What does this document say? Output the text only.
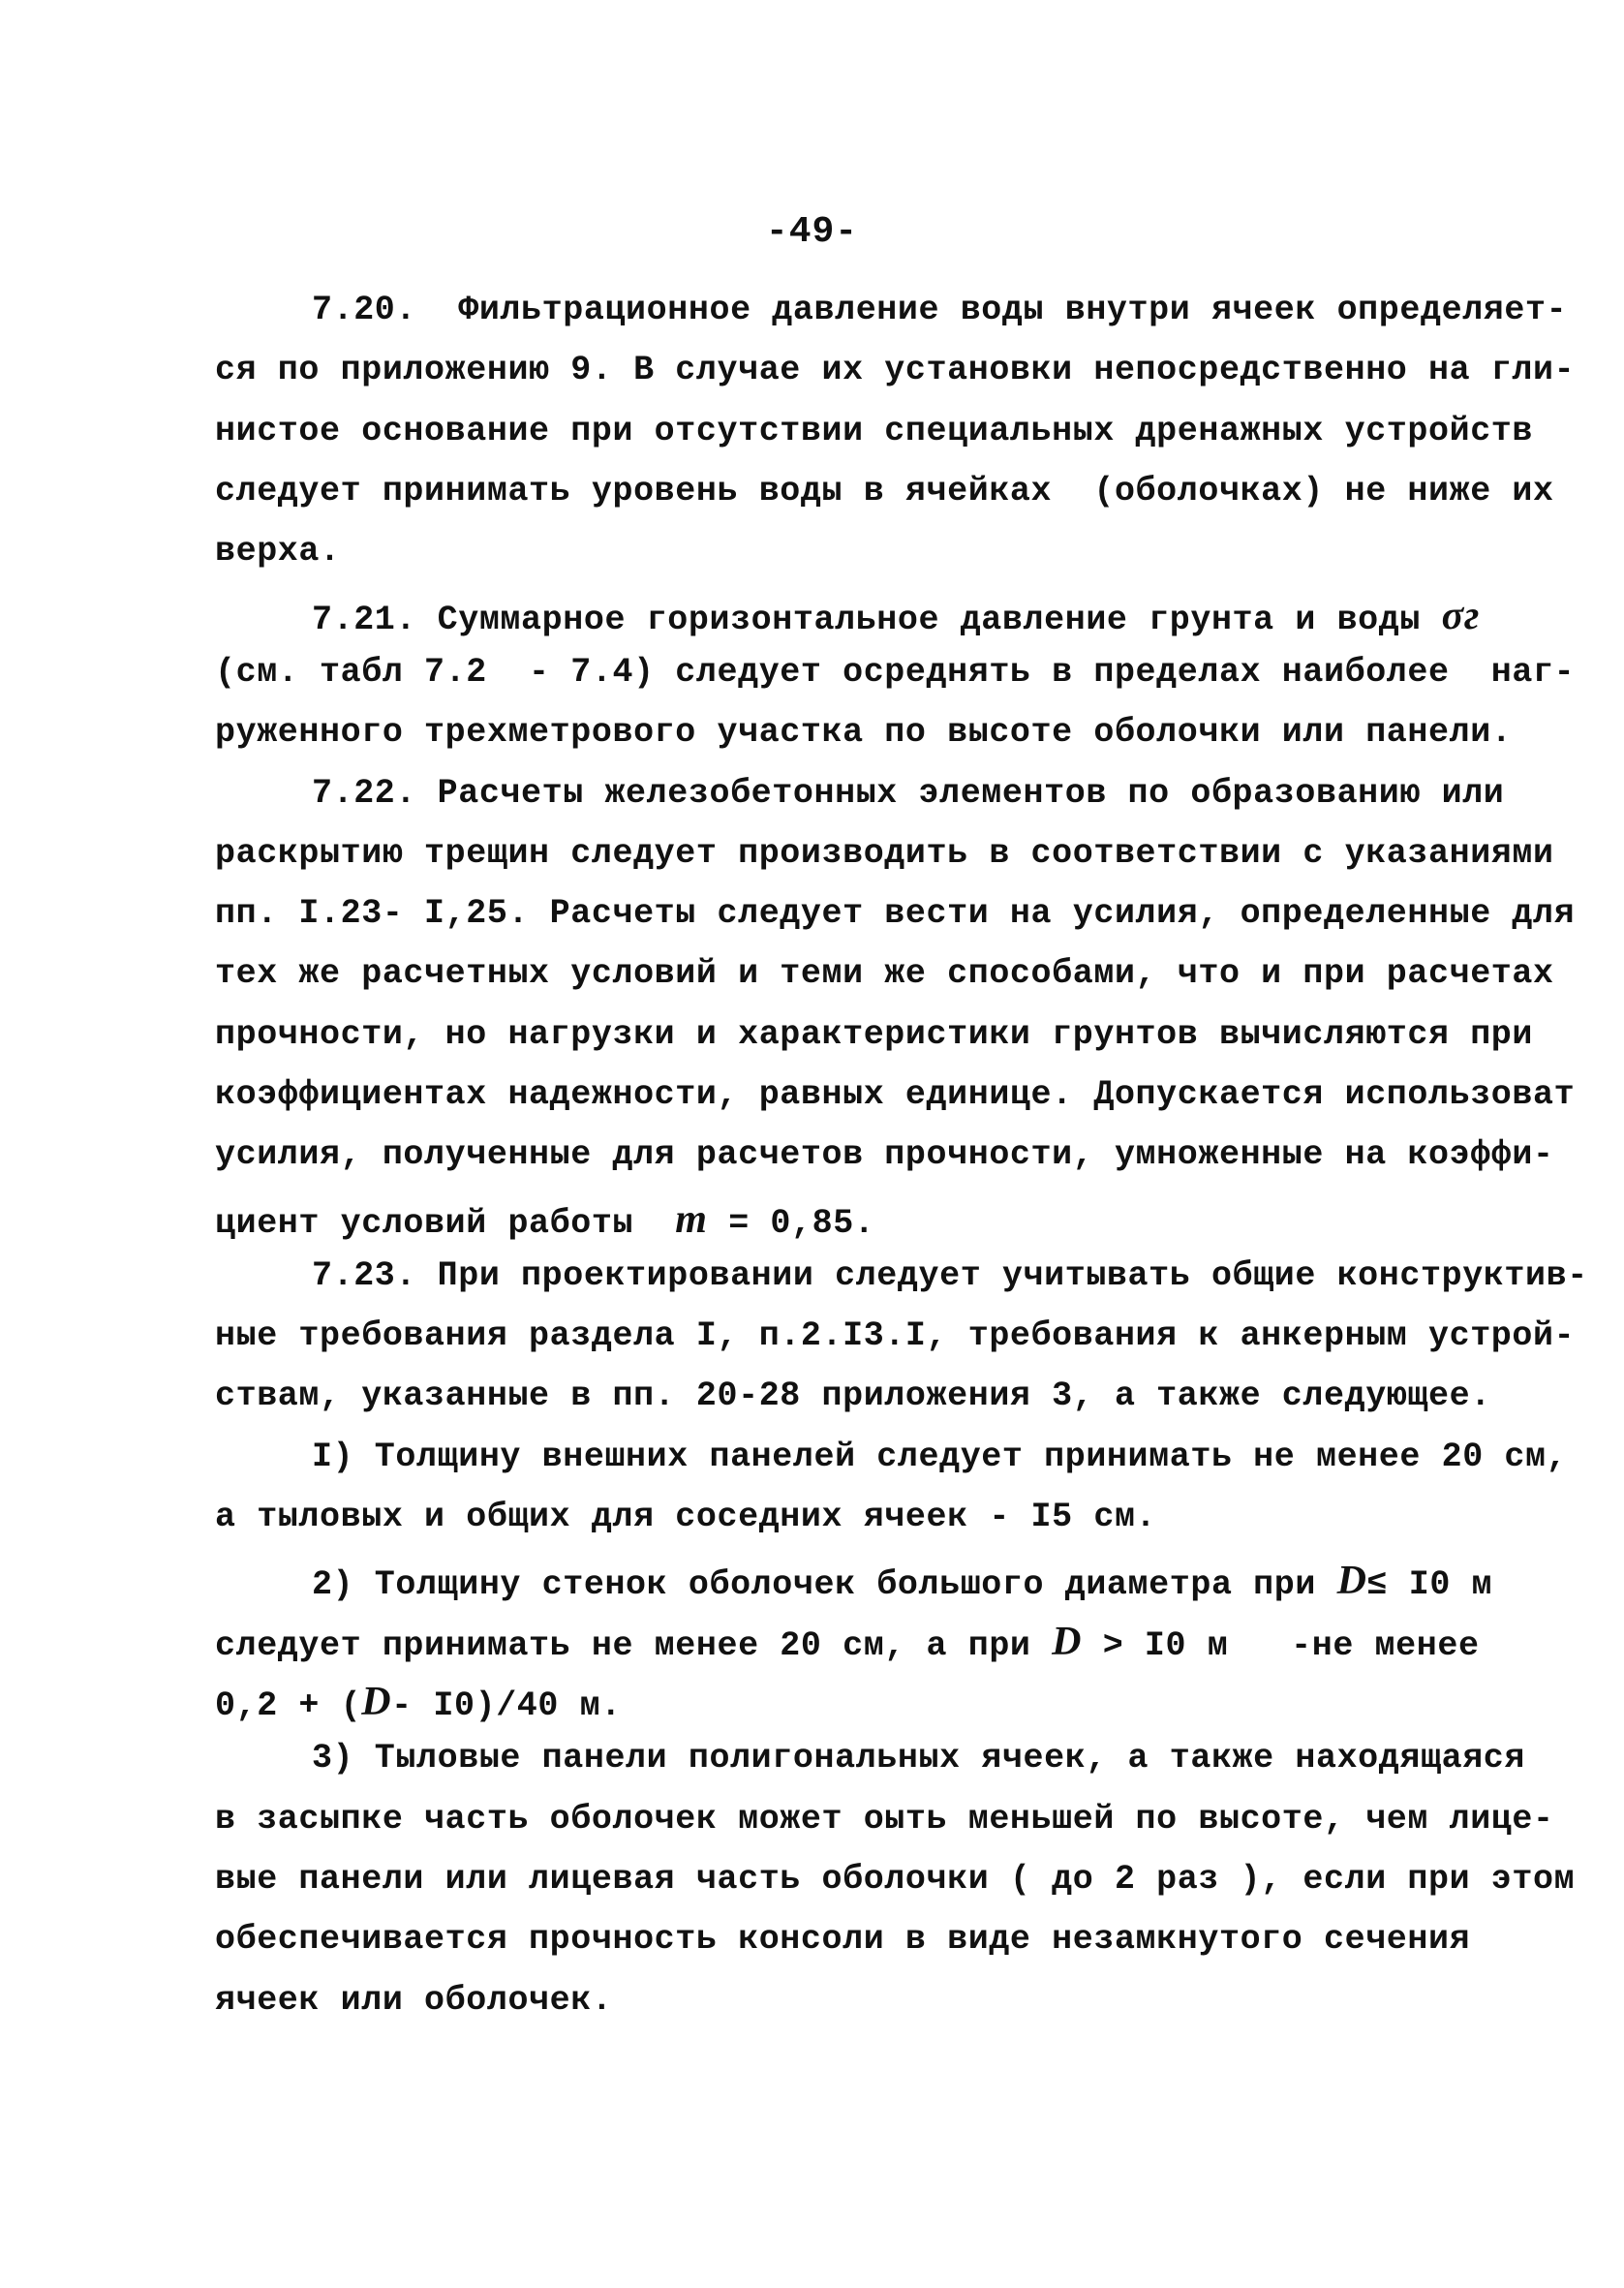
-49-
7.20.  Фильтрационное давление воды внутри ячеек определяет-
ся по приложению 9. В случае их установки непосредственно на гли-
нистое основание при отсутствии специальных дренажных устройств
следует принимать уровень воды в ячейках  (оболочках) не ниже их
верха.
7.21. Суммарное горизонтальное давление грунта и воды σг
(см. табл 7.2  - 7.4) следует осреднять в пределах наиболее  наг-
руженного трехметрового участка по высоте оболочки или панели.
7.22. Расчеты железобетонных элементов по образованию или
раскрытию трещин следует производить в соответствии с указаниями
пп. I.23- I,25. Расчеты следует вести на усилия, определенные для
тех же расчетных условий и теми же способами, что и при расчетах
прочности, но нагрузки и характеристики грунтов вычисляются при
коэффициентах надежности, равных единице. Допускается использоват
усилия, полученные для расчетов прочности, умноженные на коэффи-
циент условий работы m = 0,85.
7.23. При проектировании следует учитывать общие конструктив-
ные требования раздела I, п.2.I3.I, требования к анкерным устрой-
ствам, указанные в пп. 20-28 приложения 3, а также следующее.
I) Толщину внешних панелей следует принимать не менее 20 см,
а тыловых и общих для соседних ячеек - I5 см.
2) Толщину стенок оболочек большого диаметра при D≤ I0 м
следует принимать не менее 20 см, а при D > I0 м   -не менее
0,2 + (D- I0)/40 м.
3) Тыловые панели полигональных ячеек, а также находящаяся
в засыпке часть оболочек может оыть меньшей по высоте, чем лице-
вые панели или лицевая часть оболочки ( до 2 раз ), если при этом
обеспечивается прочность консоли в виде незамкнутого сечения
ячеек или оболочек.
